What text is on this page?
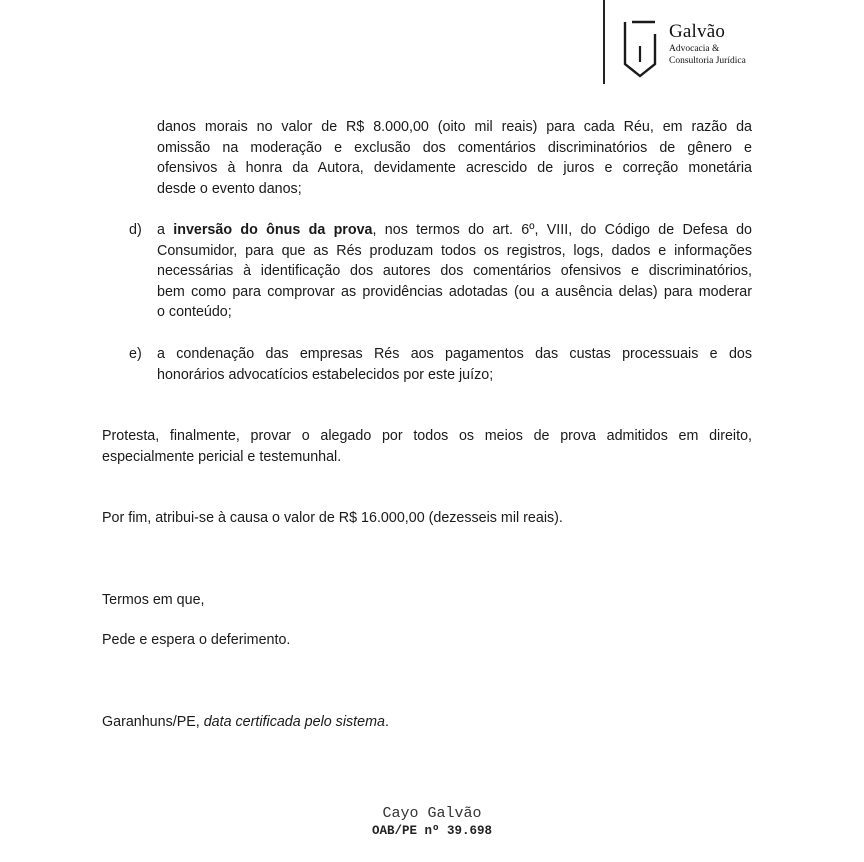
Galvão
Advocacia &
Consultoria Jurídica
danos morais no valor de R$ 8.000,00 (oito mil reais) para cada Réu, em razão da
omissão na moderação e exclusão dos comentários discriminatórios de gênero e
ofensivos à honra da Autora, devidamente acrescido de juros e correção monetária
desde o evento danos;
d) a inversão do ônus da prova, nos termos do art. 6º, VIII, do Código de Defesa do
Consumidor, para que as Rés produzam todos os registros, logs, dados e informações
necessárias à identificação dos autores dos comentários ofensivos e discriminatórios,
bem como para comprovar as providências adotadas (ou a ausência delas) para moderar
o conteúdo;
e) a condenação das empresas Rés aos pagamentos das custas processuais e dos
honorários advocatícios estabelecidos por este juízo;
Protesta, finalmente, provar o alegado por todos os meios de prova admitidos em direito,
especialmente pericial e testemunhal.
Por fim, atribui-se à causa o valor de R$ 16.000,00 (dezesseis mil reais).
Termos em que,
Pede e espera o deferimento.
Garanhuns/PE, data certificada pelo sistema.
Cayo Galvão
OAB/PE nº 39.698
